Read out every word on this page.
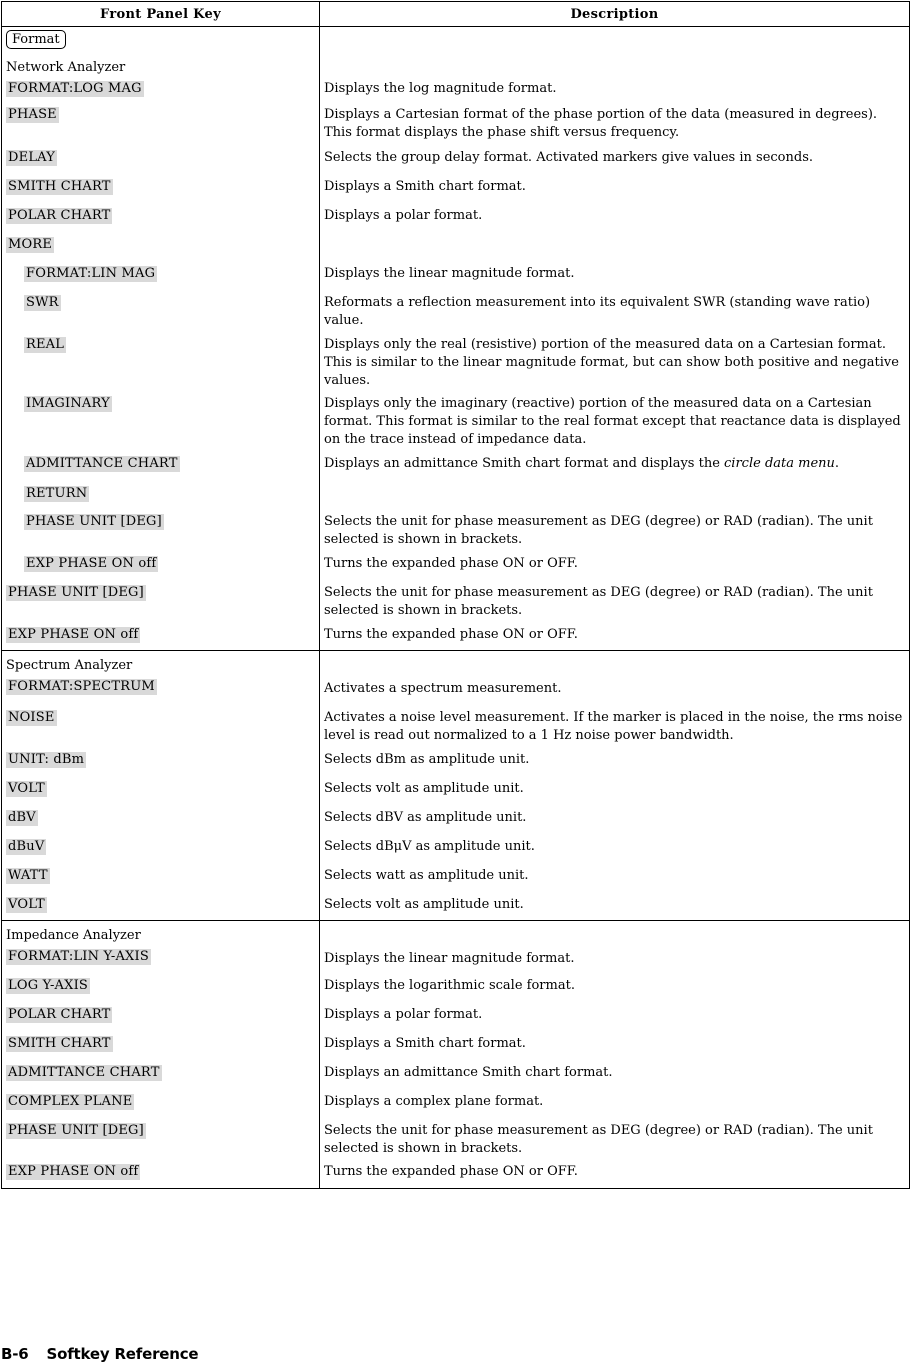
Front Panel Key	Description
Format	

Network Analyzer	

FORMAT:LOG MAG	Displays the log magnitude format.

PHASE	Displays a Cartesian format of the phase portion of the data (measured in degrees). This format displays the phase shift versus frequency.

DELAY	Selects the group delay format. Activated markers give values in seconds.

SMITH CHART	Displays a Smith chart format.

POLAR CHART	Displays a polar format.

MORE	

FORMAT:LIN MAG	Displays the linear magnitude format.

SWR	Reformats a reflection measurement into its equivalent SWR (standing wave ratio) value.

REAL	Displays only the real (resistive) portion of the measured data on a Cartesian format. This is similar to the linear magnitude format, but can show both positive and negative values.

IMAGINARY	Displays only the imaginary (reactive) portion of the measured data on a Cartesian format. This format is similar to the real format except that reactance data is displayed on the trace instead of impedance data.

ADMITTANCE CHART	Displays an admittance Smith chart format and displays the circle data menu.

RETURN	

PHASE UNIT [DEG]	Selects the unit for phase measurement as DEG (degree) or RAD (radian). The unit selected is shown in brackets.

EXP PHASE ON off	Turns the expanded phase ON or OFF.

PHASE UNIT [DEG]	Selects the unit for phase measurement as DEG (degree) or RAD (radian). The unit selected is shown in brackets.

EXP PHASE ON off	Turns the expanded phase ON or OFF.

Spectrum Analyzer	

FORMAT:SPECTRUM	Activates a spectrum measurement.

NOISE	Activates a noise level measurement. If the marker is placed in the noise, the rms noise level is read out normalized to a 1 Hz noise power bandwidth.

UNIT: dBm	Selects dBm as amplitude unit.

VOLT	Selects volt as amplitude unit.

dBV	Selects dBV as amplitude unit.

dBuV	Selects dBμV as amplitude unit.

WATT	Selects watt as amplitude unit.

VOLT	Selects volt as amplitude unit.

Impedance Analyzer	

FORMAT:LIN Y-AXIS	Displays the linear magnitude format.

LOG Y-AXIS	Displays the logarithmic scale format.

POLAR CHART	Displays a polar format.

SMITH CHART	Displays a Smith chart format.

ADMITTANCE CHART	Displays an admittance Smith chart format.

COMPLEX PLANE	Displays a complex plane format.

PHASE UNIT [DEG]	Selects the unit for phase measurement as DEG (degree) or RAD (radian). The unit selected is shown in brackets.

EXP PHASE ON off	Turns the expanded phase ON or OFF.
B-6 Softkey Reference
